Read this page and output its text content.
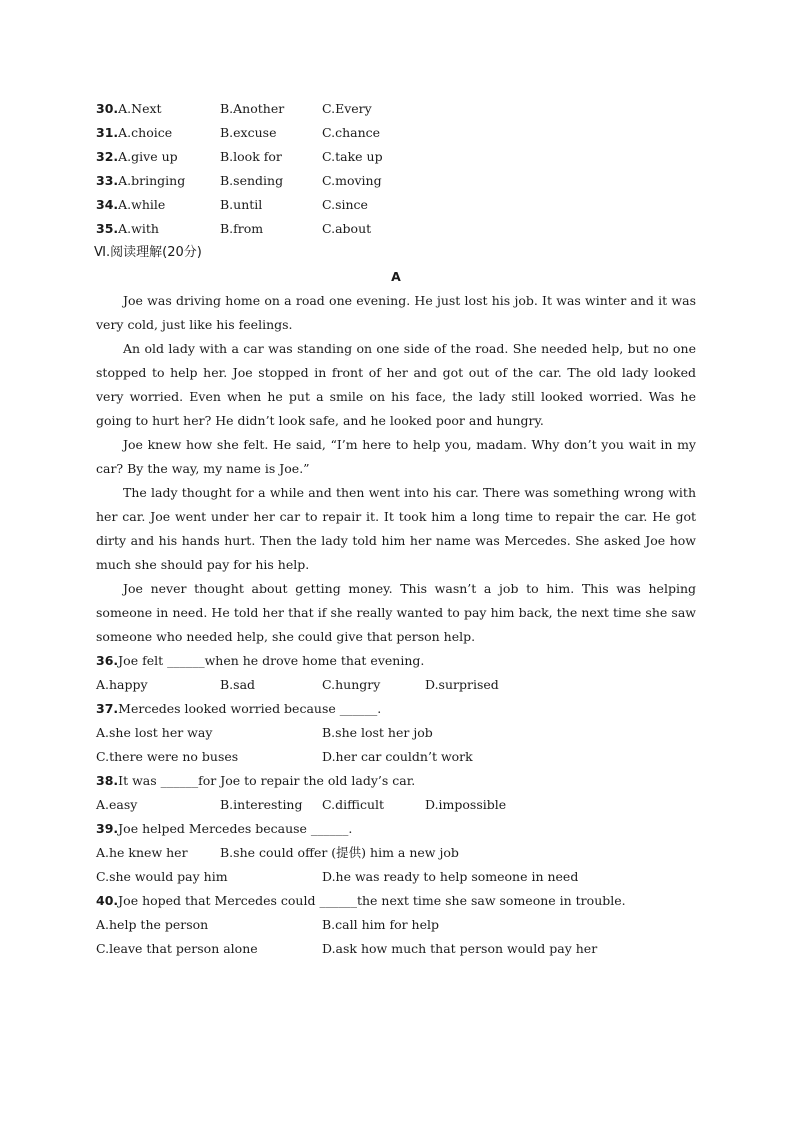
30.A.Next	B.Another	C.Every
31.A.choice	B.excuse	C.chance
32.A.give up	B.look for	C.take up
33.A.bringing	B.sending	C.moving
34.A.while	B.until	C.since
35.A.with	B.from	C.about
Ⅵ.阅读理解(20分)
A
Joe was driving home on a road one evening. He just lost his job. It was winter and it was very cold, just like his feelings.
An old lady with a car was standing on one side of the road. She needed help, but no one stopped to help her. Joe stopped in front of her and got out of the car. The old lady looked very worried. Even when he put a smile on his face, the lady still looked worried. Was he going to hurt her? He didn’t look safe, and he looked poor and hungry.
Joe knew how she felt. He said, “I’m here to help you, madam. Why don’t you wait in my car? By the way, my name is Joe.”
The lady thought for a while and then went into his car. There was something wrong with her car. Joe went under her car to repair it. It took him a long time to repair the car. He got dirty and his hands hurt. Then the lady told him her name was Mercedes. She asked Joe how much she should pay for his help.
Joe never thought about getting money. This wasn’t a job to him. This was helping someone in need. He told her that if she really wanted to pay him back, the next time she saw someone who needed help, she could give that person help.
36.Joe felt ______when he drove home that evening.
A.happy	B.sad	C.hungry	D.surprised
37.Mercedes looked worried because ______.
A.she lost her way	B.she lost her job
C.there were no buses	D.her car couldn’t work
38.It was ______for Joe to repair the old lady’s car.
A.easy	B.interesting C.difficult	D.impossible
39.Joe helped Mercedes because ______.
A.he knew her	B.she could offer (提供) him a new job
C.she would pay him	D.he was ready to help someone in need
40.Joe hoped that Mercedes could ______the next time she saw someone in trouble.
A.help the person	B.call him for help
C.leave that person alone	D.ask how much that person would pay her
